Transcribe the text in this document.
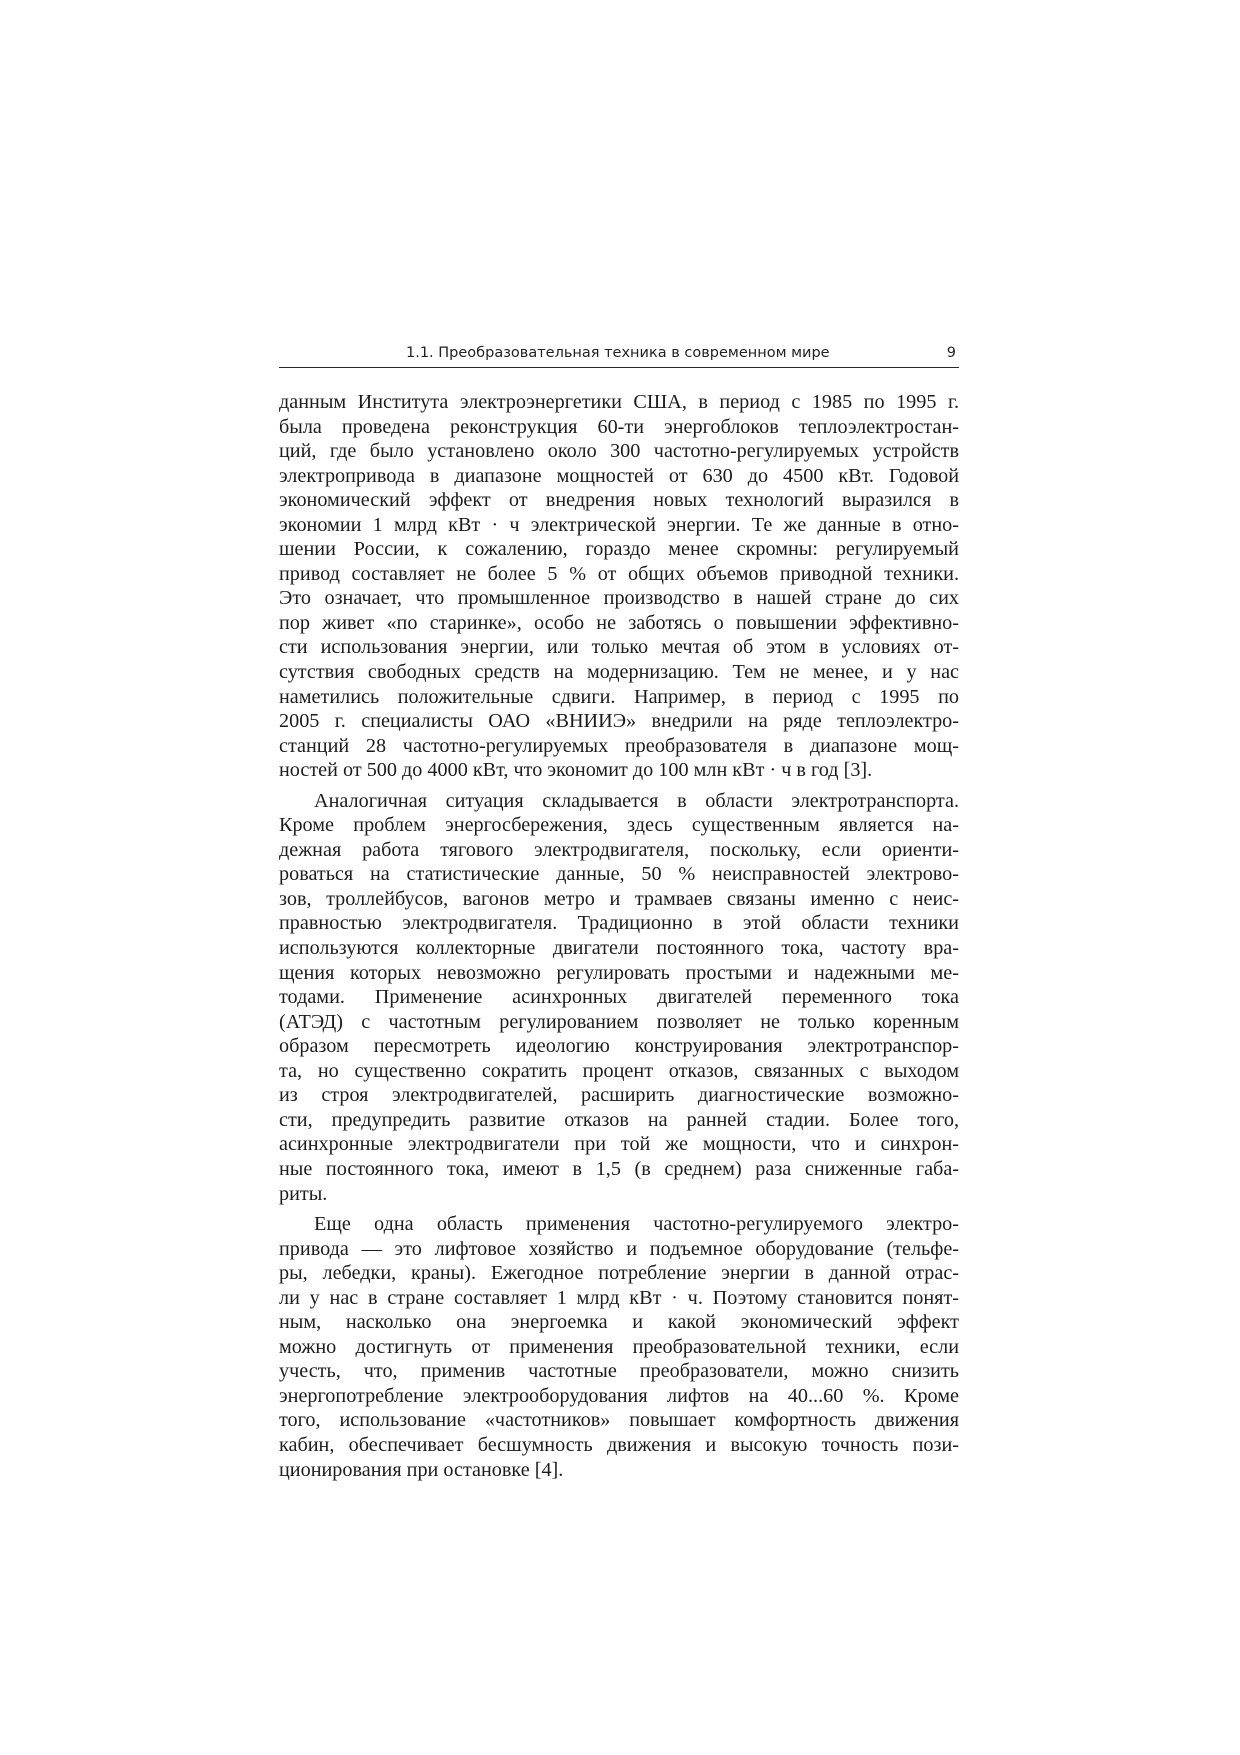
1.1. Преобразовательная техника в современном мире	9

данным Института электроэнергетики США, в период с 1985 по 1995 г.
была проведена реконструкция 60-ти энергоблоков теплоэлектростан-
ций, где было установлено около 300 частотно-регулируемых устройств
электропривода в диапазоне мощностей от 630 до 4500 кВт. Годовой
экономический эффект от внедрения новых технологий выразился в
экономии 1 млрд кВт · ч электрической энергии. Те же данные в отно-
шении России, к сожалению, гораздо менее скромны: регулируемый
привод составляет не более 5 % от общих объемов приводной техники.
Это означает, что промышленное производство в нашей стране до сих
пор живет «по старинке», особо не заботясь о повышении эффективно-
сти использования энергии, или только мечтая об этом в условиях от-
сутствия свободных средств на модернизацию. Тем не менее, и у нас
наметились положительные сдвиги. Например, в период с 1995 по
2005 г. специалисты ОАО «ВНИИЭ» внедрили на ряде теплоэлектро-
станций 28 частотно-регулируемых преобразователя в диапазоне мощ-
ностей от 500 до 4000 кВт, что экономит до 100 млн кВт · ч в год [3].

Аналогичная ситуация складывается в области электротранспорта.
Кроме проблем энергосбережения, здесь существенным является на-
дежная работа тягового электродвигателя, поскольку, если ориенти-
роваться на статистические данные, 50 % неисправностей электрово-
зов, троллейбусов, вагонов метро и трамваев связаны именно с неис-
правностью электродвигателя. Традиционно в этой области техники
используются коллекторные двигатели постоянного тока, частоту вра-
щения которых невозможно регулировать простыми и надежными ме-
тодами. Применение асинхронных двигателей переменного тока
(АТЭД) с частотным регулированием позволяет не только коренным
образом пересмотреть идеологию конструирования электротранспор-
та, но существенно сократить процент отказов, связанных с выходом
из строя электродвигателей, расширить диагностические возможно-
сти, предупредить развитие отказов на ранней стадии. Более того,
асинхронные электродвигатели при той же мощности, что и синхрон-
ные постоянного тока, имеют в 1,5 (в среднем) раза сниженные габа-
риты.

Еще одна область применения частотно-регулируемого электро-
привода — это лифтовое хозяйство и подъемное оборудование (тельфе-
ры, лебедки, краны). Ежегодное потребление энергии в данной отрас-
ли у нас в стране составляет 1 млрд кВт · ч. Поэтому становится понят-
ным, насколько она энергоемка и какой экономический эффект
можно достигнуть от применения преобразовательной техники, если
учесть, что, применив частотные преобразователи, можно снизить
энергопотребление электрооборудования лифтов на 40...60 %. Кроме
того, использование «частотников» повышает комфортность движения
кабин, обеспечивает бесшумность движения и высокую точность пози-
ционирования при остановке [4].
